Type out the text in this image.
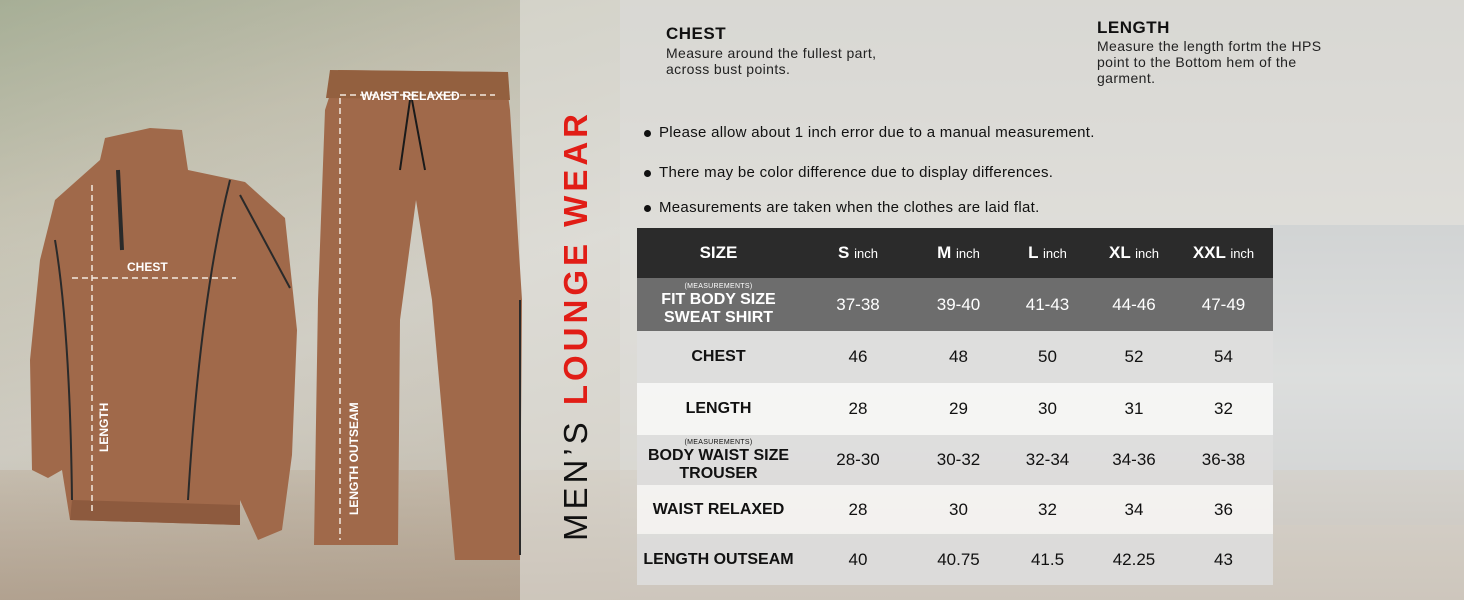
WAIST RELAXED
CHEST
LENGTH	LENGTH OUTSEAM	MEN’S LOUNGE WEAR
CHEST
Measure around the fullest part,
across bust points.
LENGTH
Measure the length fortm the HPS
point to the Bottom hem of the
garment.
Please allow about 1 inch error due to a manual measurement.
There may be color difference due to display differences.
Measurements are taken when the clothes are laid flat.
SIZE	S inch	M inch	L inch	XL inch	XXL inch
(MEASUREMENTS)
FIT BODY SIZE
SWEAT SHIRT
37-38	39-40	41-43	44-46	47-49
CHEST	46	48	50	52	54
LENGTH	28	29	30	31	32
(MEASUREMENTS)
BODY WAIST SIZE
TROUSER
28-30	30-32	32-34	34-36	36-38
WAIST RELAXED	28	30	32	34	36
LENGTH OUTSEAM	40	40.75	41.5	42.25	43
